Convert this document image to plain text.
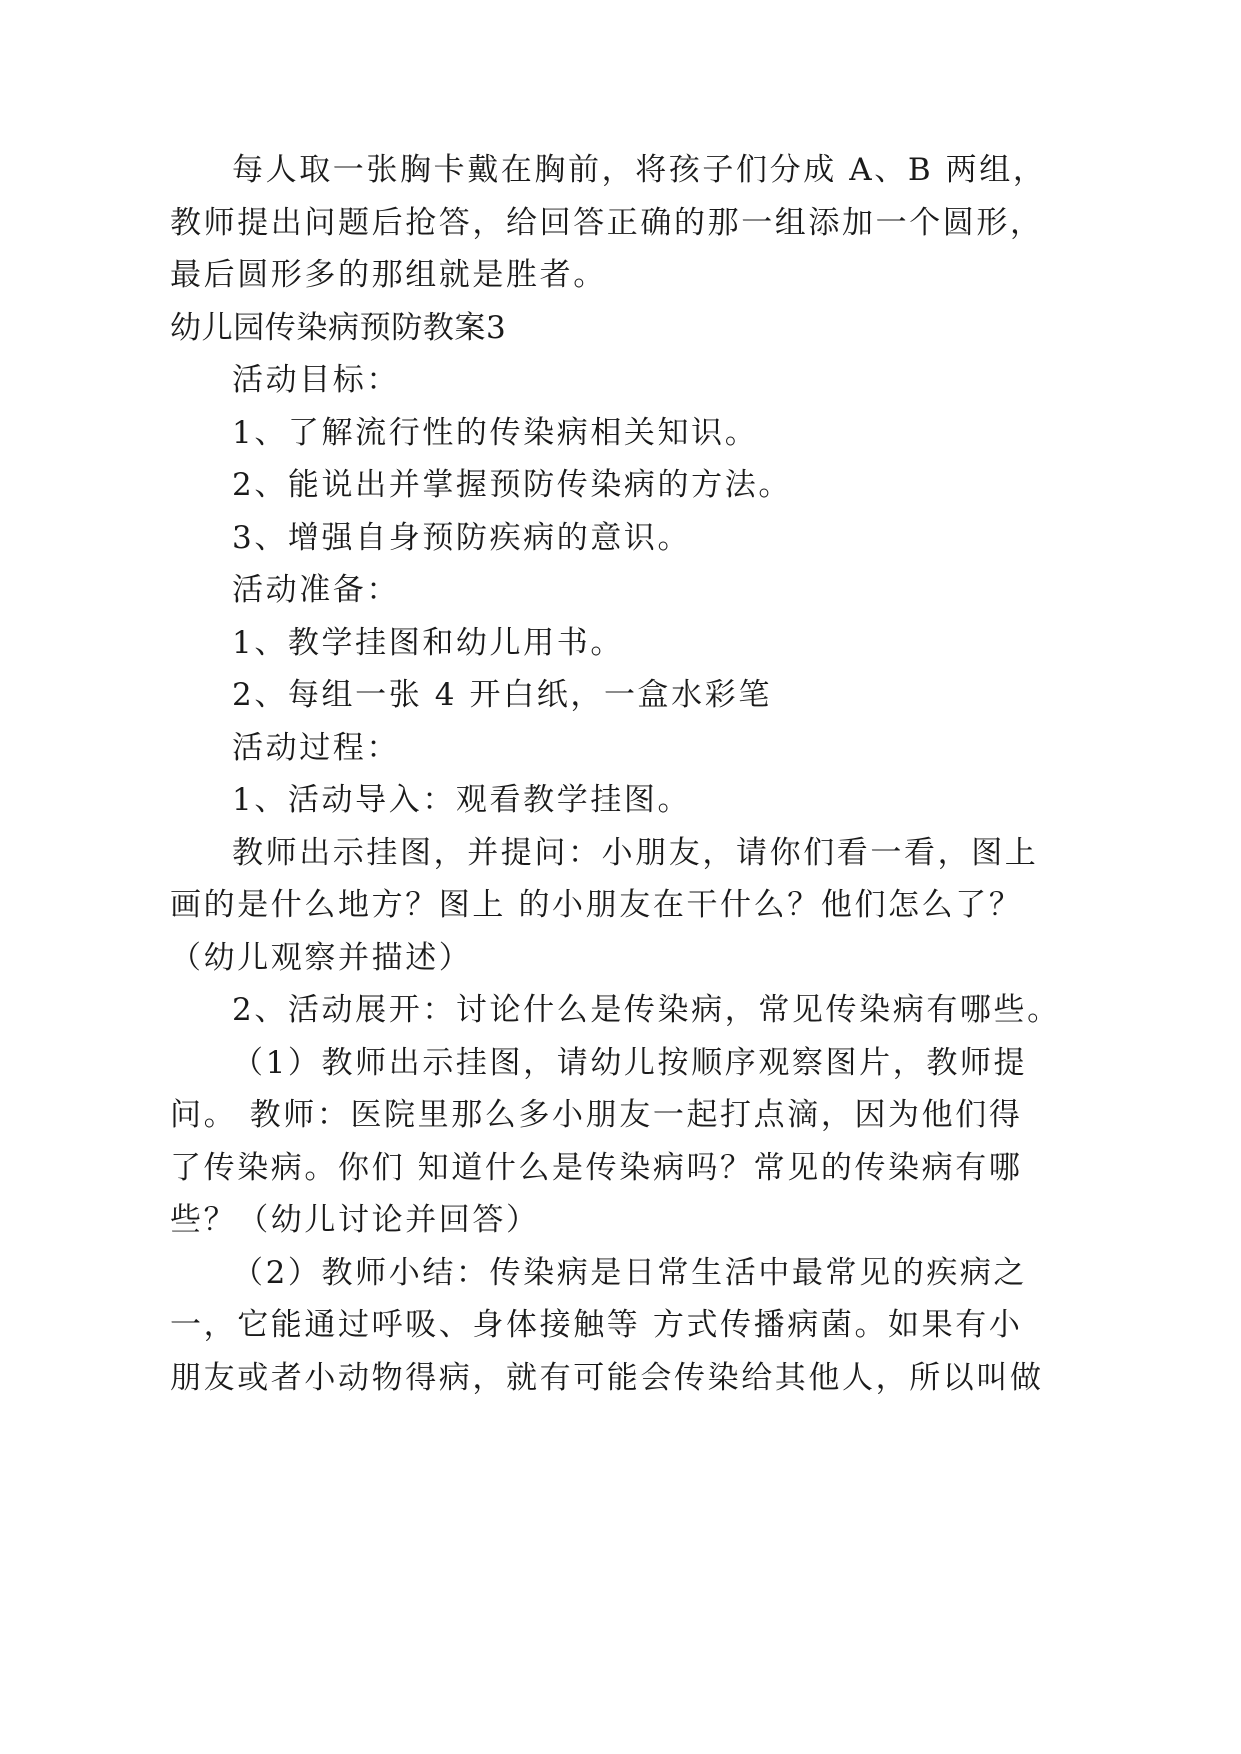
每人取一张胸卡戴在胸前，将孩子们分成 A、B 两组，
教师提出问题后抢答，给回答正确的那一组添加一个圆形，
最后圆形多的那组就是胜者。
幼儿园传染病预防教案3
活动目标：
1、了解流行性的传染病相关知识。
2、能说出并掌握预防传染病的方法。
3、增强自身预防疾病的意识。
活动准备：
1、教学挂图和幼儿用书。
2、每组一张 4 开白纸，一盒水彩笔
活动过程：
1、活动导入：观看教学挂图。
教师出示挂图，并提问：小朋友，请你们看一看，图上
画的是什么地方？图上 的小朋友在干什么？他们怎么了？
（幼儿观察并描述）
2、活动展开：讨论什么是传染病，常见传染病有哪些。
（1）教师出示挂图，请幼儿按顺序观察图片，教师提
问。 教师：医院里那么多小朋友一起打点滴，因为他们得
了传染病。你们 知道什么是传染病吗？常见的传染病有哪
些？（幼儿讨论并回答）
（2）教师小结：传染病是日常生活中最常见的疾病之
一，它能通过呼吸、身体接触等 方式传播病菌。如果有小
朋友或者小动物得病，就有可能会传染给其他人，所以叫做
